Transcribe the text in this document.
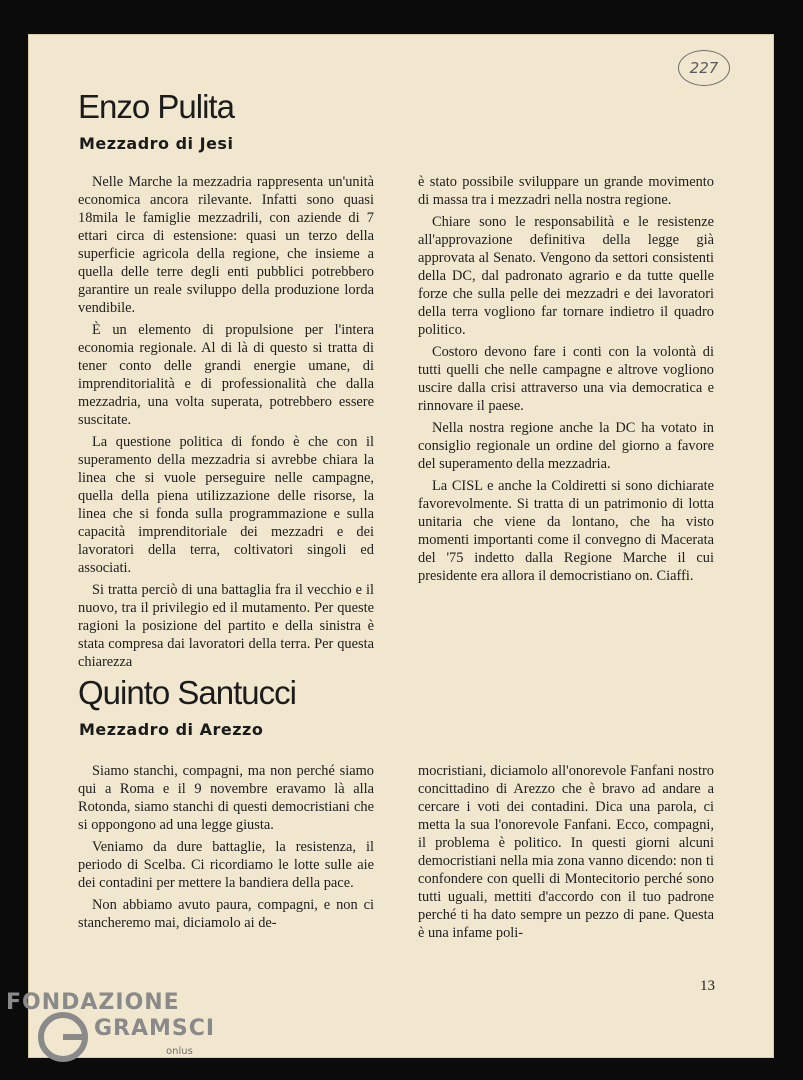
227
Enzo Pulita
Mezzadro di Jesi

Nelle Marche la mezzadria rappresenta un'unità economica ancora rilevante. Infatti sono quasi 18mila le famiglie mezzadrili, con aziende di 7 ettari circa di estensione: quasi un terzo della superficie agricola della regione, che insieme a quella delle terre degli enti pubblici potrebbero garantire un reale sviluppo della produzione lorda vendibile.

È un elemento di propulsione per l'intera economia regionale. Al di là di questo si tratta di tener conto delle grandi energie umane, di imprenditorialità e di professionalità che dalla mezzadria, una volta superata, potrebbero essere suscitate.

La questione politica di fondo è che con il superamento della mezzadria si avrebbe chiara la linea che si vuole perseguire nelle campagne, quella della piena utilizzazione delle risorse, la linea che si fonda sulla programmazione e sulla capacità imprenditoriale dei mezzadri e dei lavoratori della terra, coltivatori singoli ed associati.

Si tratta perciò di una battaglia fra il vecchio e il nuovo, tra il privilegio ed il mutamento. Per queste ragioni la posizione del partito e della sinistra è stata compresa dai lavoratori della terra. Per questa chiarezza

è stato possibile sviluppare un grande movimento di massa tra i mezzadri nella nostra regione.

Chiare sono le responsabilità e le resistenze all'approvazione definitiva della legge già approvata al Senato. Vengono da settori consistenti della DC, dal padronato agrario e da tutte quelle forze che sulla pelle dei mezzadri e dei lavoratori della terra vogliono far tornare indietro il quadro politico.

Costoro devono fare i conti con la volontà di tutti quelli che nelle campagne e altrove vogliono uscire dalla crisi attraverso una via democratica e rinnovare il paese.

Nella nostra regione anche la DC ha votato in consiglio regionale un ordine del giorno a favore del superamento della mezzadria.

La CISL e anche la Coldiretti si sono dichiarate favorevolmente. Si tratta di un patrimonio di lotta unitaria che viene da lontano, che ha visto momenti importanti come il convegno di Macerata del '75 indetto dalla Regione Marche il cui presidente era allora il democristiano on. Ciaffi.

Quinto Santucci
Mezzadro di Arezzo

Siamo stanchi, compagni, ma non perché siamo qui a Roma e il 9 novembre eravamo là alla Rotonda, siamo stanchi di questi democristiani che si oppongono ad una legge giusta.

Veniamo da dure battaglie, la resistenza, il periodo di Scelba. Ci ricordiamo le lotte sulle aie dei contadini per mettere la bandiera della pace.

Non abbiamo avuto paura, compagni, e non ci stancheremo mai, diciamolo ai de-

mocristiani, diciamolo all'onorevole Fanfani nostro concittadino di Arezzo che è bravo ad andare a cercare i voti dei contadini. Dica una parola, ci metta la sua l'onorevole Fanfani. Ecco, compagni, il problema è politico. In questi giorni alcuni democristiani nella mia zona vanno dicendo: non ti confondere con quelli di Montecitorio perché sono tutti uguali, mettiti d'accordo con il tuo padrone perché ti ha dato sempre un pezzo di pane. Questa è una infame poli-

13
FONDAZIONE
GRAMSCI
onlus
